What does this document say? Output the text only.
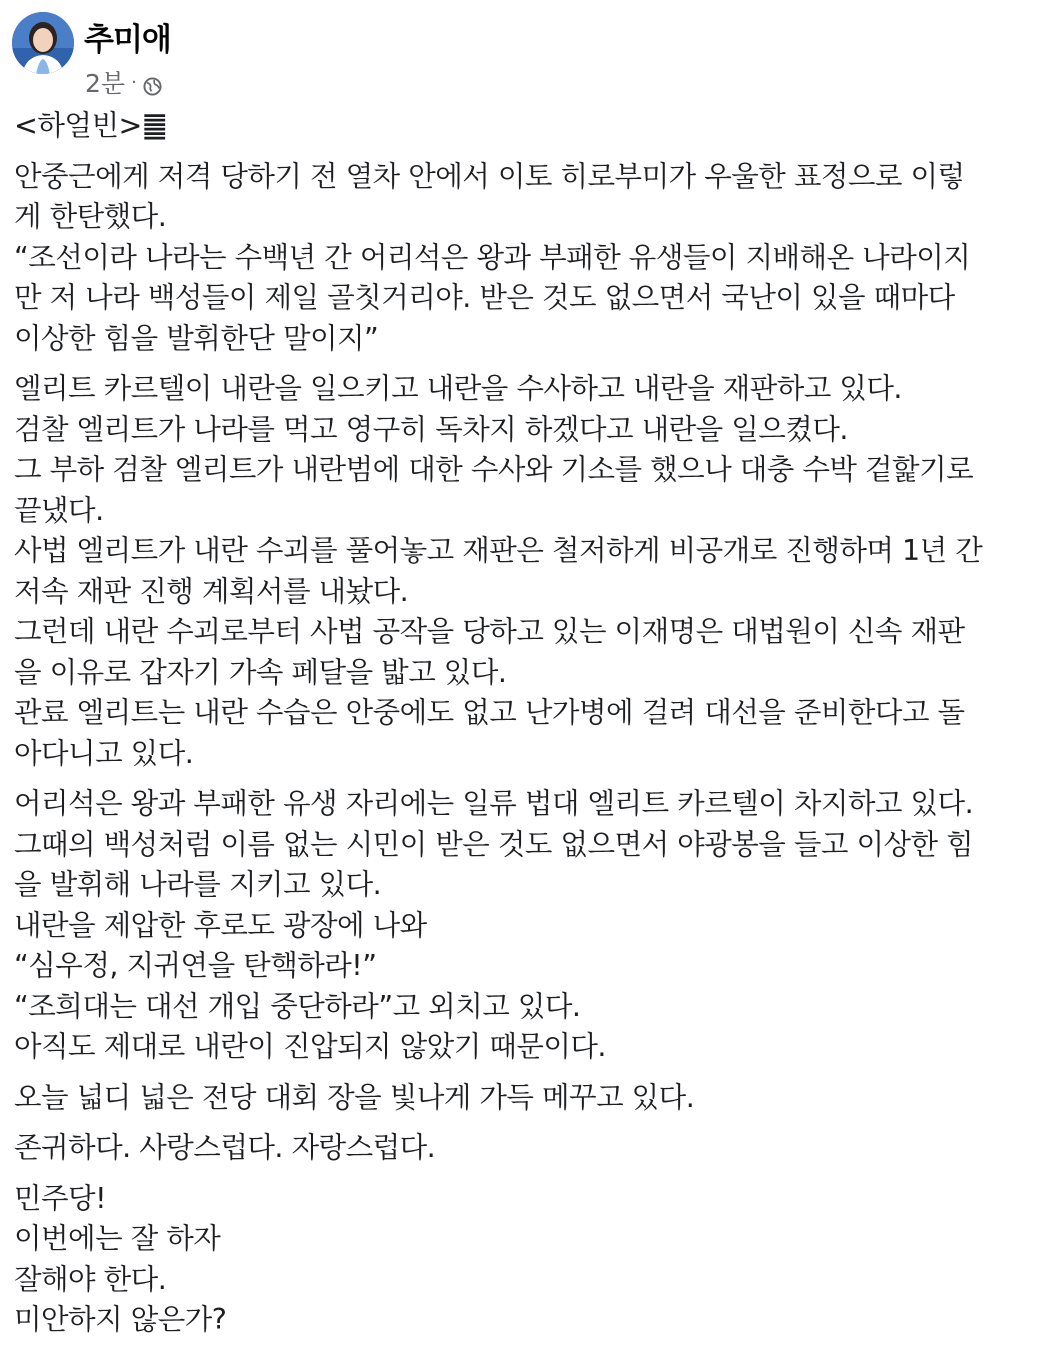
추미애
2분 ·
<하얼빈>䷀
안중근에게 저격 당하기 전 열차 안에서 이토 히로부미가 우울한 표정으로 이렇
게 한탄했다.
“조선이라 나라는 수백년 간 어리석은 왕과 부패한 유생들이 지배해온 나라이지
만 저 나라 백성들이 제일 골칫거리야. 받은 것도 없으면서 국난이 있을 때마다
이상한 힘을 발휘한단 말이지”
엘리트 카르텔이 내란을 일으키고 내란을 수사하고 내란을 재판하고 있다.
검찰 엘리트가 나라를 먹고 영구히 독차지 하겠다고 내란을 일으켰다.
그 부하 검찰 엘리트가 내란범에 대한 수사와 기소를 했으나 대충 수박 겉핥기로
끝냈다.
사법 엘리트가 내란 수괴를 풀어놓고 재판은 철저하게 비공개로 진행하며 1년 간
저속 재판 진행 계획서를 내놨다.
그런데 내란 수괴로부터 사법 공작을 당하고 있는 이재명은 대법원이 신속 재판
을 이유로 갑자기 가속 페달을 밟고 있다.
관료 엘리트는 내란 수습은 안중에도 없고 난가병에 걸려 대선을 준비한다고 돌
아다니고 있다.
어리석은 왕과 부패한 유생 자리에는 일류 법대 엘리트 카르텔이 차지하고 있다.
그때의 백성처럼 이름 없는 시민이 받은 것도 없으면서 야광봉을 들고 이상한 힘
을 발휘해 나라를 지키고 있다.
내란을 제압한 후로도 광장에 나와
“심우정, 지귀연을 탄핵하라!”
“조희대는 대선 개입 중단하라”고 외치고 있다.
아직도 제대로 내란이 진압되지 않았기 때문이다.
오늘 넓디 넓은 전당 대회 장을 빛나게 가득 메꾸고 있다.
존귀하다. 사랑스럽다. 자랑스럽다.
민주당!
이번에는 잘 하자
잘해야 한다.
미안하지 않은가?
